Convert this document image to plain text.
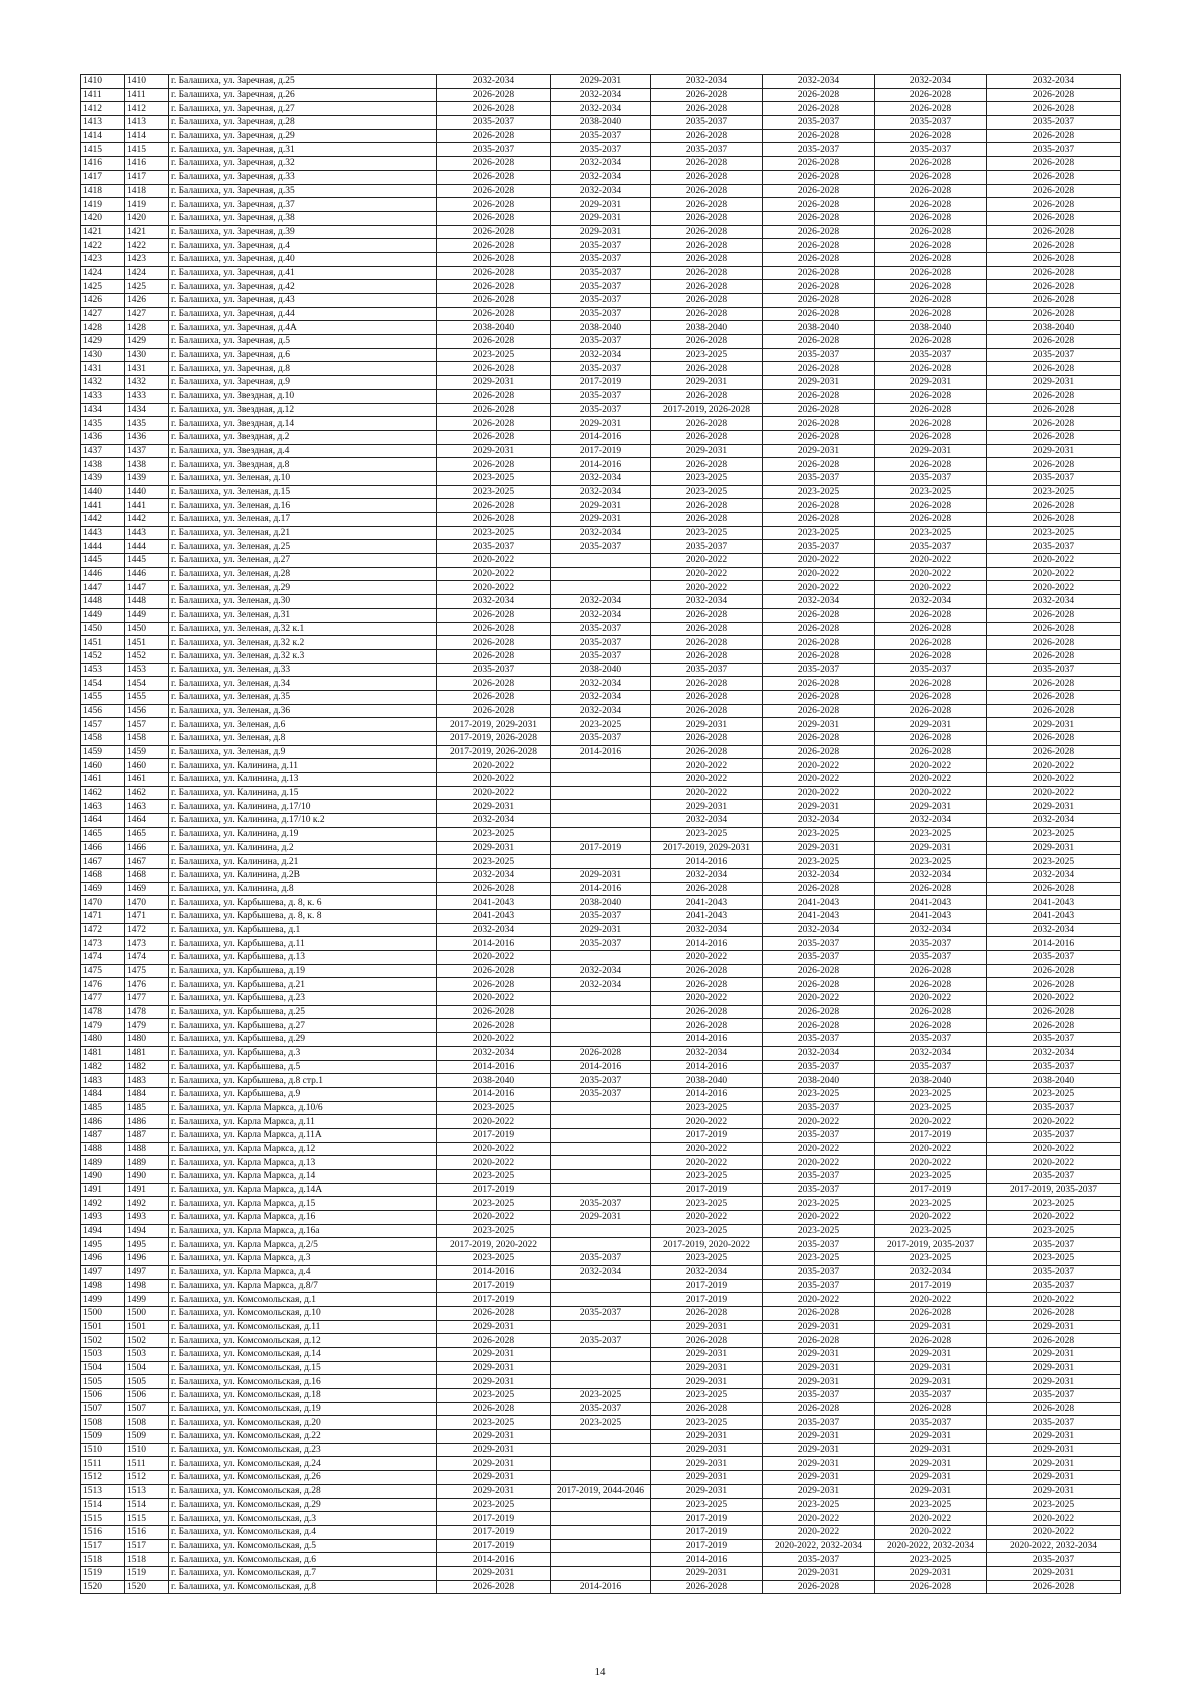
1410	1410	г. Балашиха, ул. Заречная, д.25	2032-2034	2029-2031	2032-2034	2032-2034	2032-2034	2032-2034
1411	1411	г. Балашиха, ул. Заречная, д.26	2026-2028	2032-2034	2026-2028	2026-2028	2026-2028	2026-2028
1412	1412	г. Балашиха, ул. Заречная, д.27	2026-2028	2032-2034	2026-2028	2026-2028	2026-2028	2026-2028
1413	1413	г. Балашиха, ул. Заречная, д.28	2035-2037	2038-2040	2035-2037	2035-2037	2035-2037	2035-2037
1414	1414	г. Балашиха, ул. Заречная, д.29	2026-2028	2035-2037	2026-2028	2026-2028	2026-2028	2026-2028
1415	1415	г. Балашиха, ул. Заречная, д.31	2035-2037	2035-2037	2035-2037	2035-2037	2035-2037	2035-2037
1416	1416	г. Балашиха, ул. Заречная, д.32	2026-2028	2032-2034	2026-2028	2026-2028	2026-2028	2026-2028
1417	1417	г. Балашиха, ул. Заречная, д.33	2026-2028	2032-2034	2026-2028	2026-2028	2026-2028	2026-2028
1418	1418	г. Балашиха, ул. Заречная, д.35	2026-2028	2032-2034	2026-2028	2026-2028	2026-2028	2026-2028
1419	1419	г. Балашиха, ул. Заречная, д.37	2026-2028	2029-2031	2026-2028	2026-2028	2026-2028	2026-2028
1420	1420	г. Балашиха, ул. Заречная, д.38	2026-2028	2029-2031	2026-2028	2026-2028	2026-2028	2026-2028
1421	1421	г. Балашиха, ул. Заречная, д.39	2026-2028	2029-2031	2026-2028	2026-2028	2026-2028	2026-2028
1422	1422	г. Балашиха, ул. Заречная, д.4	2026-2028	2035-2037	2026-2028	2026-2028	2026-2028	2026-2028
1423	1423	г. Балашиха, ул. Заречная, д.40	2026-2028	2035-2037	2026-2028	2026-2028	2026-2028	2026-2028
1424	1424	г. Балашиха, ул. Заречная, д.41	2026-2028	2035-2037	2026-2028	2026-2028	2026-2028	2026-2028
1425	1425	г. Балашиха, ул. Заречная, д.42	2026-2028	2035-2037	2026-2028	2026-2028	2026-2028	2026-2028
1426	1426	г. Балашиха, ул. Заречная, д.43	2026-2028	2035-2037	2026-2028	2026-2028	2026-2028	2026-2028
1427	1427	г. Балашиха, ул. Заречная, д.44	2026-2028	2035-2037	2026-2028	2026-2028	2026-2028	2026-2028
1428	1428	г. Балашиха, ул. Заречная, д.4А	2038-2040	2038-2040	2038-2040	2038-2040	2038-2040	2038-2040
1429	1429	г. Балашиха, ул. Заречная, д.5	2026-2028	2035-2037	2026-2028	2026-2028	2026-2028	2026-2028
1430	1430	г. Балашиха, ул. Заречная, д.6	2023-2025	2032-2034	2023-2025	2035-2037	2035-2037	2035-2037
1431	1431	г. Балашиха, ул. Заречная, д.8	2026-2028	2035-2037	2026-2028	2026-2028	2026-2028	2026-2028
1432	1432	г. Балашиха, ул. Заречная, д.9	2029-2031	2017-2019	2029-2031	2029-2031	2029-2031	2029-2031
1433	1433	г. Балашиха, ул. Звездная, д.10	2026-2028	2035-2037	2026-2028	2026-2028	2026-2028	2026-2028
1434	1434	г. Балашиха, ул. Звездная, д.12	2026-2028	2035-2037	2017-2019, 2026-2028	2026-2028	2026-2028	2026-2028
1435	1435	г. Балашиха, ул. Звездная, д.14	2026-2028	2029-2031	2026-2028	2026-2028	2026-2028	2026-2028
1436	1436	г. Балашиха, ул. Звездная, д.2	2026-2028	2014-2016	2026-2028	2026-2028	2026-2028	2026-2028
1437	1437	г. Балашиха, ул. Звездная, д.4	2029-2031	2017-2019	2029-2031	2029-2031	2029-2031	2029-2031
1438	1438	г. Балашиха, ул. Звездная, д.8	2026-2028	2014-2016	2026-2028	2026-2028	2026-2028	2026-2028
1439	1439	г. Балашиха, ул. Зеленая, д.10	2023-2025	2032-2034	2023-2025	2035-2037	2035-2037	2035-2037
1440	1440	г. Балашиха, ул. Зеленая, д.15	2023-2025	2032-2034	2023-2025	2023-2025	2023-2025	2023-2025
1441	1441	г. Балашиха, ул. Зеленая, д.16	2026-2028	2029-2031	2026-2028	2026-2028	2026-2028	2026-2028
1442	1442	г. Балашиха, ул. Зеленая, д.17	2026-2028	2029-2031	2026-2028	2026-2028	2026-2028	2026-2028
1443	1443	г. Балашиха, ул. Зеленая, д.21	2023-2025	2032-2034	2023-2025	2023-2025	2023-2025	2023-2025
1444	1444	г. Балашиха, ул. Зеленая, д.25	2035-2037	2035-2037	2035-2037	2035-2037	2035-2037	2035-2037
1445	1445	г. Балашиха, ул. Зеленая, д.27	2020-2022		2020-2022	2020-2022	2020-2022	2020-2022
1446	1446	г. Балашиха, ул. Зеленая, д.28	2020-2022		2020-2022	2020-2022	2020-2022	2020-2022
1447	1447	г. Балашиха, ул. Зеленая, д.29	2020-2022		2020-2022	2020-2022	2020-2022	2020-2022
1448	1448	г. Балашиха, ул. Зеленая, д.30	2032-2034	2032-2034	2032-2034	2032-2034	2032-2034	2032-2034
1449	1449	г. Балашиха, ул. Зеленая, д.31	2026-2028	2032-2034	2026-2028	2026-2028	2026-2028	2026-2028
1450	1450	г. Балашиха, ул. Зеленая, д.32 к.1	2026-2028	2035-2037	2026-2028	2026-2028	2026-2028	2026-2028
1451	1451	г. Балашиха, ул. Зеленая, д.32 к.2	2026-2028	2035-2037	2026-2028	2026-2028	2026-2028	2026-2028
1452	1452	г. Балашиха, ул. Зеленая, д.32 к.3	2026-2028	2035-2037	2026-2028	2026-2028	2026-2028	2026-2028
1453	1453	г. Балашиха, ул. Зеленая, д.33	2035-2037	2038-2040	2035-2037	2035-2037	2035-2037	2035-2037
1454	1454	г. Балашиха, ул. Зеленая, д.34	2026-2028	2032-2034	2026-2028	2026-2028	2026-2028	2026-2028
1455	1455	г. Балашиха, ул. Зеленая, д.35	2026-2028	2032-2034	2026-2028	2026-2028	2026-2028	2026-2028
1456	1456	г. Балашиха, ул. Зеленая, д.36	2026-2028	2032-2034	2026-2028	2026-2028	2026-2028	2026-2028
1457	1457	г. Балашиха, ул. Зеленая, д.6	2017-2019, 2029-2031	2023-2025	2029-2031	2029-2031	2029-2031	2029-2031
1458	1458	г. Балашиха, ул. Зеленая, д.8	2017-2019, 2026-2028	2035-2037	2026-2028	2026-2028	2026-2028	2026-2028
1459	1459	г. Балашиха, ул. Зеленая, д.9	2017-2019, 2026-2028	2014-2016	2026-2028	2026-2028	2026-2028	2026-2028
1460	1460	г. Балашиха, ул. Калинина, д.11	2020-2022		2020-2022	2020-2022	2020-2022	2020-2022
1461	1461	г. Балашиха, ул. Калинина, д.13	2020-2022		2020-2022	2020-2022	2020-2022	2020-2022
1462	1462	г. Балашиха, ул. Калинина, д.15	2020-2022		2020-2022	2020-2022	2020-2022	2020-2022
1463	1463	г. Балашиха, ул. Калинина, д.17/10	2029-2031		2029-2031	2029-2031	2029-2031	2029-2031
1464	1464	г. Балашиха, ул. Калинина, д.17/10 к.2	2032-2034		2032-2034	2032-2034	2032-2034	2032-2034
1465	1465	г. Балашиха, ул. Калинина, д.19	2023-2025		2023-2025	2023-2025	2023-2025	2023-2025
1466	1466	г. Балашиха, ул. Калинина, д.2	2029-2031	2017-2019	2017-2019, 2029-2031	2029-2031	2029-2031	2029-2031
1467	1467	г. Балашиха, ул. Калинина, д.21	2023-2025		2014-2016	2023-2025	2023-2025	2023-2025
1468	1468	г. Балашиха, ул. Калинина, д.2В	2032-2034	2029-2031	2032-2034	2032-2034	2032-2034	2032-2034
1469	1469	г. Балашиха, ул. Калинина, д.8	2026-2028	2014-2016	2026-2028	2026-2028	2026-2028	2026-2028
1470	1470	г. Балашиха, ул. Карбышева, д. 8, к. 6	2041-2043	2038-2040	2041-2043	2041-2043	2041-2043	2041-2043
1471	1471	г. Балашиха, ул. Карбышева, д. 8, к. 8	2041-2043	2035-2037	2041-2043	2041-2043	2041-2043	2041-2043
1472	1472	г. Балашиха, ул. Карбышева, д.1	2032-2034	2029-2031	2032-2034	2032-2034	2032-2034	2032-2034
1473	1473	г. Балашиха, ул. Карбышева, д.11	2014-2016	2035-2037	2014-2016	2035-2037	2035-2037	2014-2016
1474	1474	г. Балашиха, ул. Карбышева, д.13	2020-2022		2020-2022	2035-2037	2035-2037	2035-2037
1475	1475	г. Балашиха, ул. Карбышева, д.19	2026-2028	2032-2034	2026-2028	2026-2028	2026-2028	2026-2028
1476	1476	г. Балашиха, ул. Карбышева, д.21	2026-2028	2032-2034	2026-2028	2026-2028	2026-2028	2026-2028
1477	1477	г. Балашиха, ул. Карбышева, д.23	2020-2022		2020-2022	2020-2022	2020-2022	2020-2022
1478	1478	г. Балашиха, ул. Карбышева, д.25	2026-2028		2026-2028	2026-2028	2026-2028	2026-2028
1479	1479	г. Балашиха, ул. Карбышева, д.27	2026-2028		2026-2028	2026-2028	2026-2028	2026-2028
1480	1480	г. Балашиха, ул. Карбышева, д.29	2020-2022		2014-2016	2035-2037	2035-2037	2035-2037
1481	1481	г. Балашиха, ул. Карбышева, д.3	2032-2034	2026-2028	2032-2034	2032-2034	2032-2034	2032-2034
1482	1482	г. Балашиха, ул. Карбышева, д.5	2014-2016	2014-2016	2014-2016	2035-2037	2035-2037	2035-2037
1483	1483	г. Балашиха, ул. Карбышева, д.8 стр.1	2038-2040	2035-2037	2038-2040	2038-2040	2038-2040	2038-2040
1484	1484	г. Балашиха, ул. Карбышева, д.9	2014-2016	2035-2037	2014-2016	2023-2025	2023-2025	2023-2025
1485	1485	г. Балашиха, ул. Карла Маркса, д.10/6	2023-2025		2023-2025	2035-2037	2023-2025	2035-2037
1486	1486	г. Балашиха, ул. Карла Маркса, д.11	2020-2022		2020-2022	2020-2022	2020-2022	2020-2022
1487	1487	г. Балашиха, ул. Карла Маркса, д.11А	2017-2019		2017-2019	2035-2037	2017-2019	2035-2037
1488	1488	г. Балашиха, ул. Карла Маркса, д.12	2020-2022		2020-2022	2020-2022	2020-2022	2020-2022
1489	1489	г. Балашиха, ул. Карла Маркса, д.13	2020-2022		2020-2022	2020-2022	2020-2022	2020-2022
1490	1490	г. Балашиха, ул. Карла Маркса, д.14	2023-2025		2023-2025	2035-2037	2023-2025	2035-2037
1491	1491	г. Балашиха, ул. Карла Маркса, д.14А	2017-2019		2017-2019	2035-2037	2017-2019	2017-2019, 2035-2037
1492	1492	г. Балашиха, ул. Карла Маркса, д.15	2023-2025	2035-2037	2023-2025	2023-2025	2023-2025	2023-2025
1493	1493	г. Балашиха, ул. Карла Маркса, д.16	2020-2022	2029-2031	2020-2022	2020-2022	2020-2022	2020-2022
1494	1494	г. Балашиха, ул. Карла Маркса, д.16а	2023-2025		2023-2025	2023-2025	2023-2025	2023-2025
1495	1495	г. Балашиха, ул. Карла Маркса, д.2/5	2017-2019, 2020-2022		2017-2019, 2020-2022	2035-2037	2017-2019, 2035-2037	2035-2037
1496	1496	г. Балашиха, ул. Карла Маркса, д.3	2023-2025	2035-2037	2023-2025	2023-2025	2023-2025	2023-2025
1497	1497	г. Балашиха, ул. Карла Маркса, д.4	2014-2016	2032-2034	2032-2034	2035-2037	2032-2034	2035-2037
1498	1498	г. Балашиха, ул. Карла Маркса, д.8/7	2017-2019		2017-2019	2035-2037	2017-2019	2035-2037
1499	1499	г. Балашиха, ул. Комсомольская, д.1	2017-2019		2017-2019	2020-2022	2020-2022	2020-2022
1500	1500	г. Балашиха, ул. Комсомольская, д.10	2026-2028	2035-2037	2026-2028	2026-2028	2026-2028	2026-2028
1501	1501	г. Балашиха, ул. Комсомольская, д.11	2029-2031		2029-2031	2029-2031	2029-2031	2029-2031
1502	1502	г. Балашиха, ул. Комсомольская, д.12	2026-2028	2035-2037	2026-2028	2026-2028	2026-2028	2026-2028
1503	1503	г. Балашиха, ул. Комсомольская, д.14	2029-2031		2029-2031	2029-2031	2029-2031	2029-2031
1504	1504	г. Балашиха, ул. Комсомольская, д.15	2029-2031		2029-2031	2029-2031	2029-2031	2029-2031
1505	1505	г. Балашиха, ул. Комсомольская, д.16	2029-2031		2029-2031	2029-2031	2029-2031	2029-2031
1506	1506	г. Балашиха, ул. Комсомольская, д.18	2023-2025	2023-2025	2023-2025	2035-2037	2035-2037	2035-2037
1507	1507	г. Балашиха, ул. Комсомольская, д.19	2026-2028	2035-2037	2026-2028	2026-2028	2026-2028	2026-2028
1508	1508	г. Балашиха, ул. Комсомольская, д.20	2023-2025	2023-2025	2023-2025	2035-2037	2035-2037	2035-2037
1509	1509	г. Балашиха, ул. Комсомольская, д.22	2029-2031		2029-2031	2029-2031	2029-2031	2029-2031
1510	1510	г. Балашиха, ул. Комсомольская, д.23	2029-2031		2029-2031	2029-2031	2029-2031	2029-2031
1511	1511	г. Балашиха, ул. Комсомольская, д.24	2029-2031		2029-2031	2029-2031	2029-2031	2029-2031
1512	1512	г. Балашиха, ул. Комсомольская, д.26	2029-2031		2029-2031	2029-2031	2029-2031	2029-2031
1513	1513	г. Балашиха, ул. Комсомольская, д.28	2029-2031	2017-2019, 2044-2046	2029-2031	2029-2031	2029-2031	2029-2031
1514	1514	г. Балашиха, ул. Комсомольская, д.29	2023-2025		2023-2025	2023-2025	2023-2025	2023-2025
1515	1515	г. Балашиха, ул. Комсомольская, д.3	2017-2019		2017-2019	2020-2022	2020-2022	2020-2022
1516	1516	г. Балашиха, ул. Комсомольская, д.4	2017-2019		2017-2019	2020-2022	2020-2022	2020-2022
1517	1517	г. Балашиха, ул. Комсомольская, д.5	2017-2019		2017-2019	2020-2022, 2032-2034	2020-2022, 2032-2034	2020-2022, 2032-2034
1518	1518	г. Балашиха, ул. Комсомольская, д.6	2014-2016		2014-2016	2035-2037	2023-2025	2035-2037
1519	1519	г. Балашиха, ул. Комсомольская, д.7	2029-2031		2029-2031	2029-2031	2029-2031	2029-2031
1520	1520	г. Балашиха, ул. Комсомольская, д.8	2026-2028	2014-2016	2026-2028	2026-2028	2026-2028	2026-2028
14
